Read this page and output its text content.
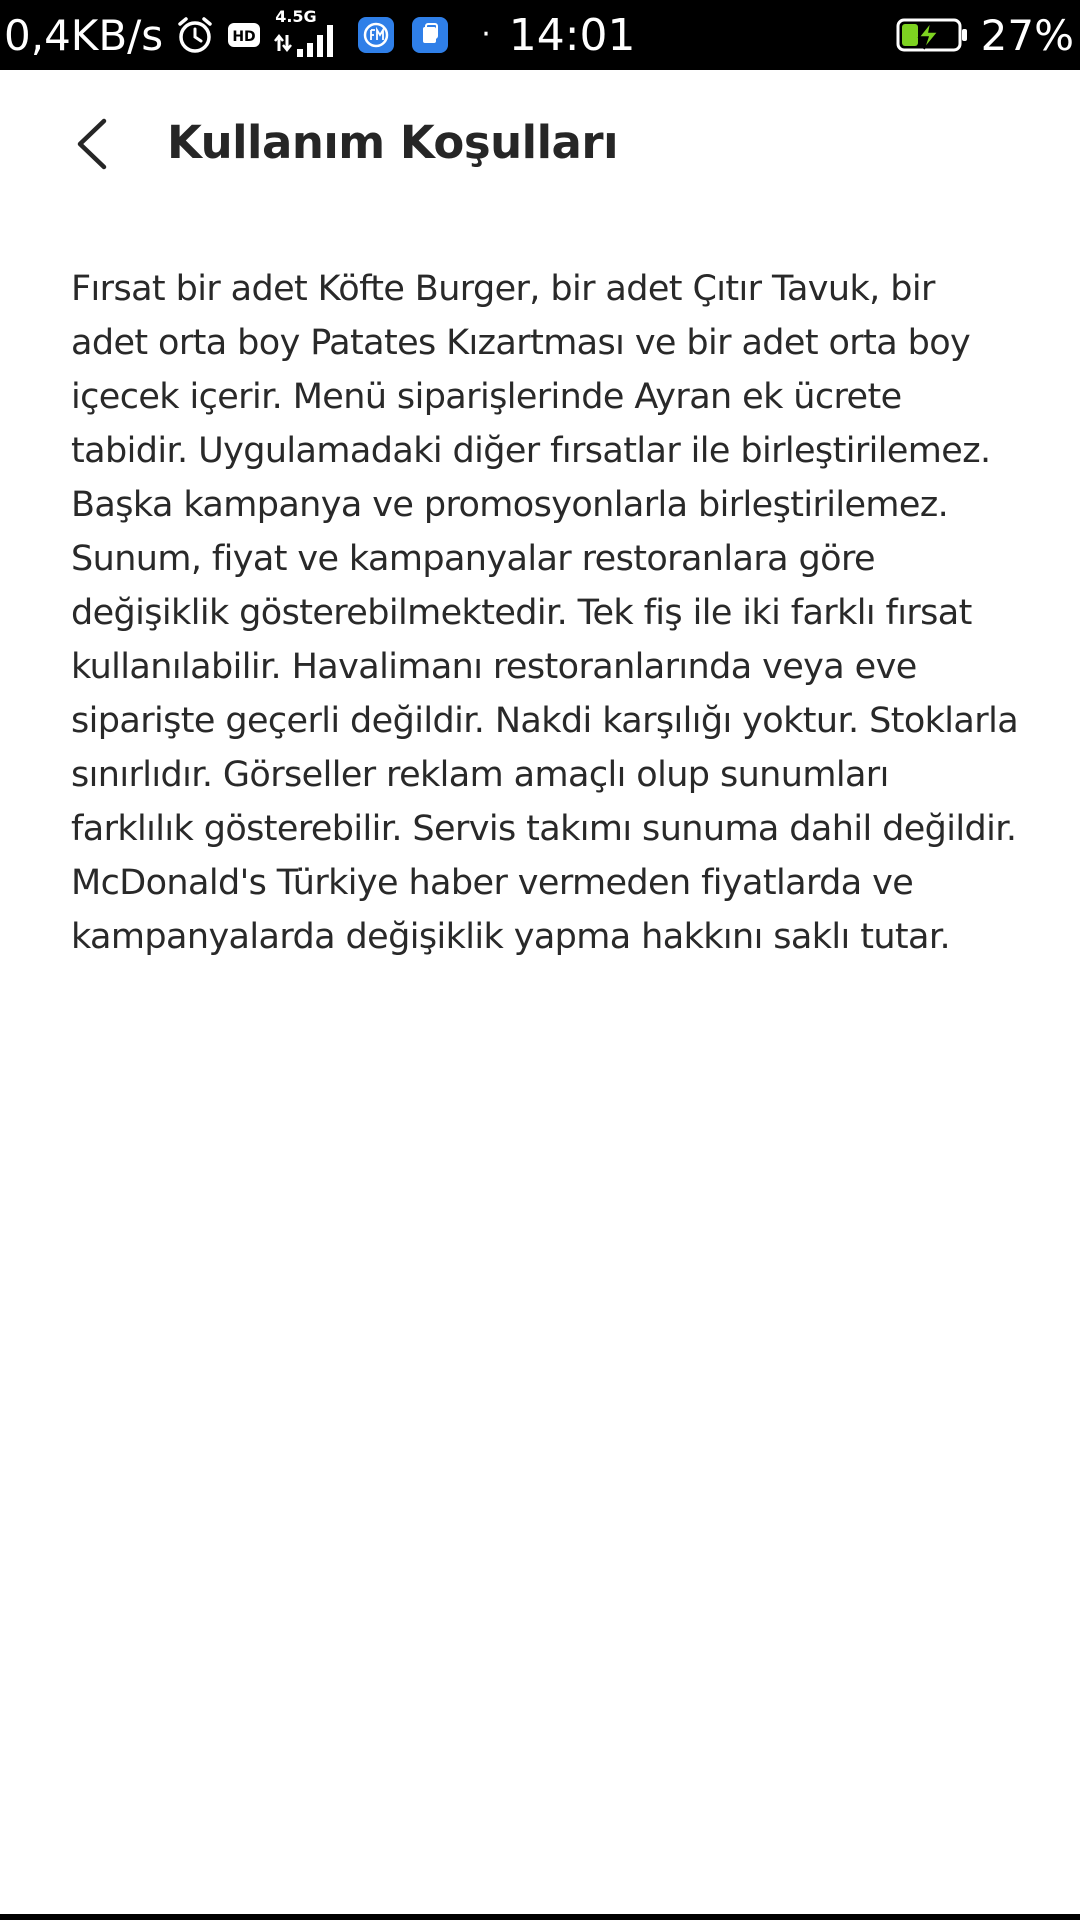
0,4KB/s	HD
4.5G
· 14:01	27%
Kullanım Koşulları

Fırsat bir adet Köfte Burger, bir adet Çıtır Tavuk, bir adet orta boy Patates Kızartması ve bir adet orta boy içecek içerir. Menü siparişlerinde Ayran ek ücrete tabidir. Uygulamadaki diğer fırsatlar ile birleştirilemez. Başka kampanya ve promosyonlarla birleştirilemez. Sunum, fiyat ve kampanyalar restoranlara göre değişiklik gösterebilmektedir. Tek fiş ile iki farklı fırsat kullanılabilir. Havalimanı restoranlarında veya eve siparişte geçerli değildir. Nakdi karşılığı yoktur. Stoklarla sınırlıdır. Görseller reklam amaçlı olup sunumları farklılık gösterebilir. Servis takımı sunuma dahil değildir. McDonald's Türkiye haber vermeden fiyatlarda ve kampanyalarda değişiklik yapma hakkını saklı tutar.
